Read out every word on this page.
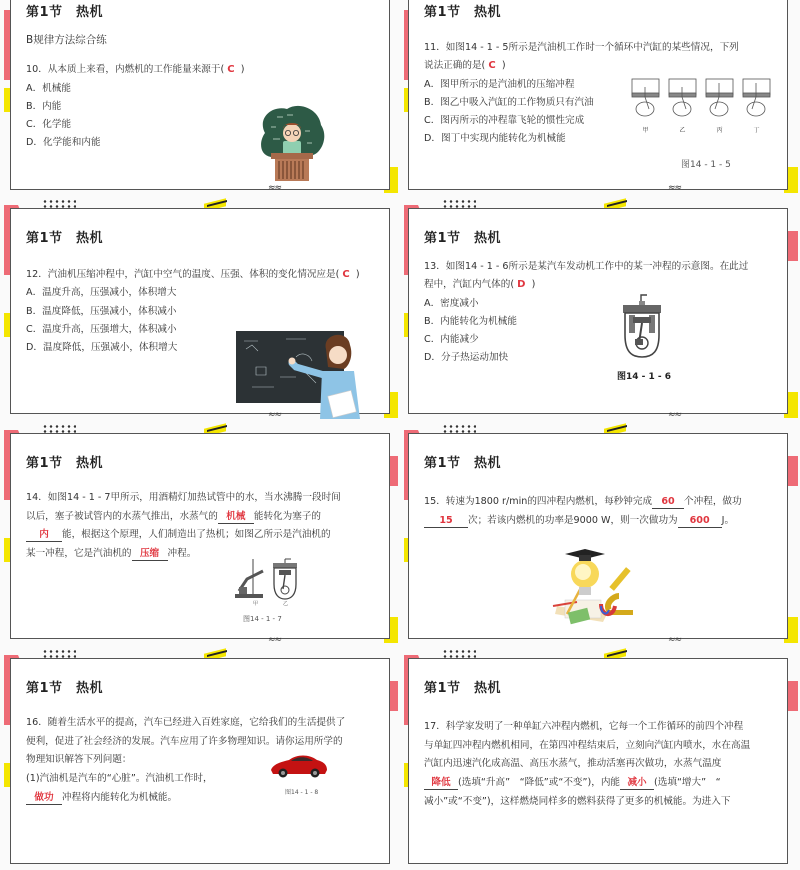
第1节　热机

B规律方法综合练

10．从本质上来看，内燃机的工作能量来源于( C )

A．机械能

B．内能

C．化学能

D．化学能和内能

≈≈
第1节　热机

11．如图14 - 1 - 5所示是汽油机工作时一个循环中汽缸的某些情况，下列

说法正确的是( C )

A．图甲所示的是汽油机的压缩冲程

B．图乙中吸入汽缸的工作物质只有汽油

C．图丙所示的冲程靠飞轮的惯性完成

D．图丁中实现内能转化为机械能

甲	乙	丙	丁
图14 - 1 - 5
≈≈
第1节　热机

12．汽油机压缩冲程中，汽缸中空气的温度、压强、体积的变化情况应是( C )

A．温度升高，压强减小，体积增大

B．温度降低，压强减小，体积减小

C．温度升高，压强增大，体积减小

D．温度降低，压强减小，体积增大

≈≈
第1节　热机

13．如图14 - 1 - 6所示是某汽车发动机工作中的某一冲程的示意图。在此过

程中，汽缸内气体的( D )

A．密度减小

B．内能转化为机械能

C．内能减少

D．分子热运动加快

图14 - 1 - 6
≈≈
第1节　热机

14．如图14 - 1 - 7甲所示，用酒精灯加热试管中的水，当水沸腾一段时间

以后，塞子被试管内的水蒸气推出，水蒸气的 机械 能转化为塞子的

内 能，根据这个原理，人们制造出了热机；如图乙所示是汽油机的

某一冲程，它是汽油机的 压缩 冲程。

甲	乙
图14 - 1 - 7
≈≈
第1节　热机

15．转速为1800 r/min的四冲程内燃机，每秒钟完成 60 个冲程，做功

15 次；若该内燃机的功率是9000 W，则一次做功为 600 J。

≈≈
第1节　热机

16．随着生活水平的提高，汽车已经进入百姓家庭，它给我们的生活提供了

便利，促进了社会经济的发展。汽车应用了许多物理知识。请你运用所学的

物理知识解答下列问题：

(1)汽油机是汽车的“心脏”。汽油机工作时，

做功 冲程将内能转化为机械能。	图14 - 1 - 8
第1节　热机

17．科学家发明了一种单缸六冲程内燃机，它每一个工作循环的前四个冲程

与单缸四冲程内燃机相同，在第四冲程结束后，立刻向汽缸内喷水，水在高温

汽缸内迅速汽化成高温、高压水蒸气，推动活塞再次做功，水蒸气温度

降低 (选填“升高”　“降低”或“不变”)，内能 减小 (选填“增大”　“

减小”或“不变”)，这样燃烧同样多的燃料获得了更多的机械能。为进入下
